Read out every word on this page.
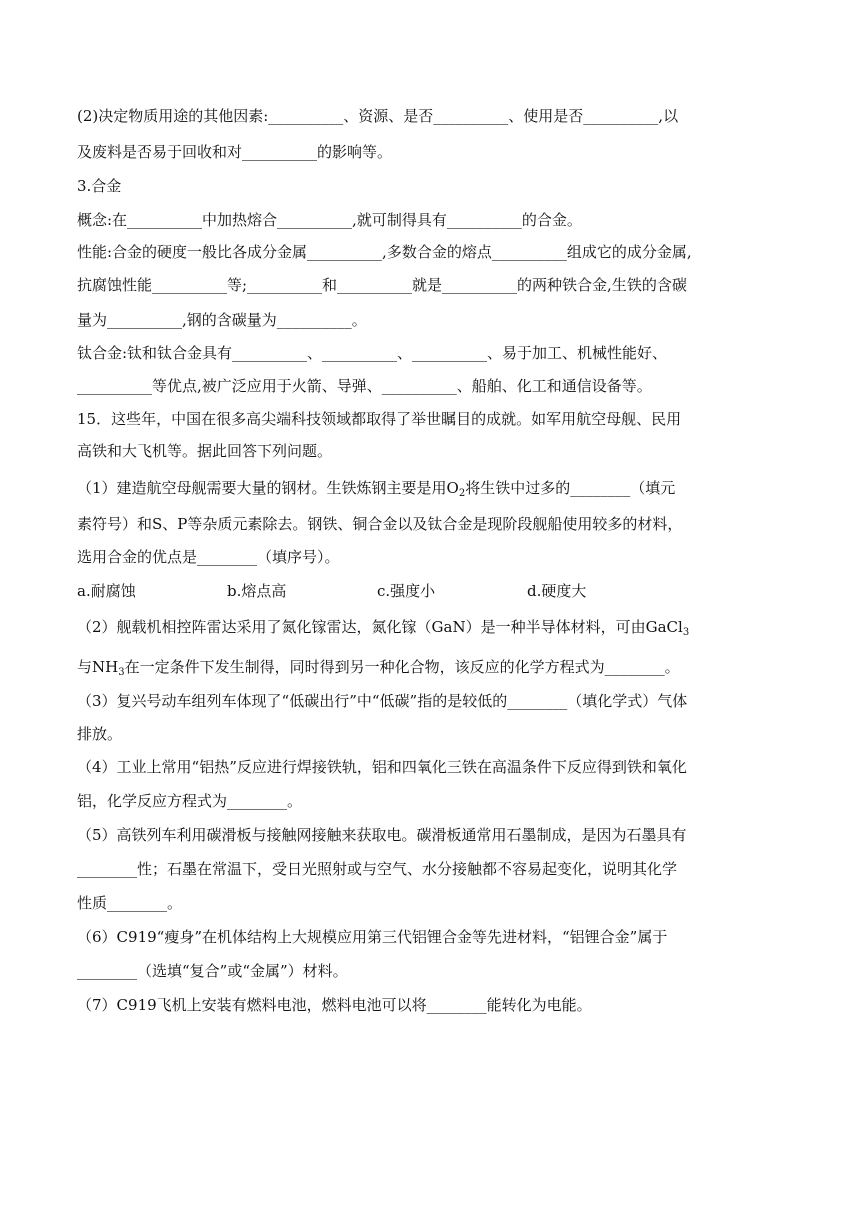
(2)决定物质用途的其他因素:__________、资源、是否__________、使用是否__________,以
及废料是否易于回收和对__________的影响等。
3.合金
概念:在__________中加热熔合__________,就可制得具有__________的合金。
性能:合金的硬度一般比各成分金属__________,多数合金的熔点__________组成它的成分金属,
抗腐蚀性能__________等;__________和__________就是__________的两种铁合金,生铁的含碳
量为__________,钢的含碳量为__________。
钛合金:钛和钛合金具有__________、__________、__________、易于加工、机械性能好、
__________等优点,被广泛应用于火箭、导弹、__________、船舶、化工和通信设备等。
15．这些年，中国在很多高尖端科技领域都取得了举世瞩目的成就。如军用航空母舰、民用
高铁和大飞机等。据此回答下列问题。
（1）建造航空母舰需要大量的钢材。生铁炼钢主要是用$O_2$将生铁中过多的________（填元
素符号）和S、P等杂质元素除去。钢铁、铜合金以及钛合金是现阶段舰船使用较多的材料，
选用合金的优点是________（填序号）。
a.耐腐蚀	b.熔点高	c.强度小	d.硬度大
（2）舰载机相控阵雷达采用了氮化镓雷达，氮化镓（GaN）是一种半导体材料，可由GaCl$_3$
与$NH_3$在一定条件下发生制得，同时得到另一种化合物，该反应的化学方程式为________。
（3）复兴号动车组列车体现了“低碳出行”中“低碳”指的是较低的________（填化学式）气体
排放。
（4）工业上常用“铝热”反应进行焊接铁轨，铝和四氧化三铁在高温条件下反应得到铁和氧化
铝，化学反应方程式为________。
（5）高铁列车利用碳滑板与接触网接触来获取电。碳滑板通常用石墨制成，是因为石墨具有
________性；石墨在常温下，受日光照射或与空气、水分接触都不容易起变化，说明其化学
性质________。
（6）C919“瘦身”在机体结构上大规模应用第三代铝锂合金等先进材料，“铝锂合金”属于
________（选填“复合”或“金属”）材料。
（7）C919飞机上安装有燃料电池，燃料电池可以将________能转化为电能。
